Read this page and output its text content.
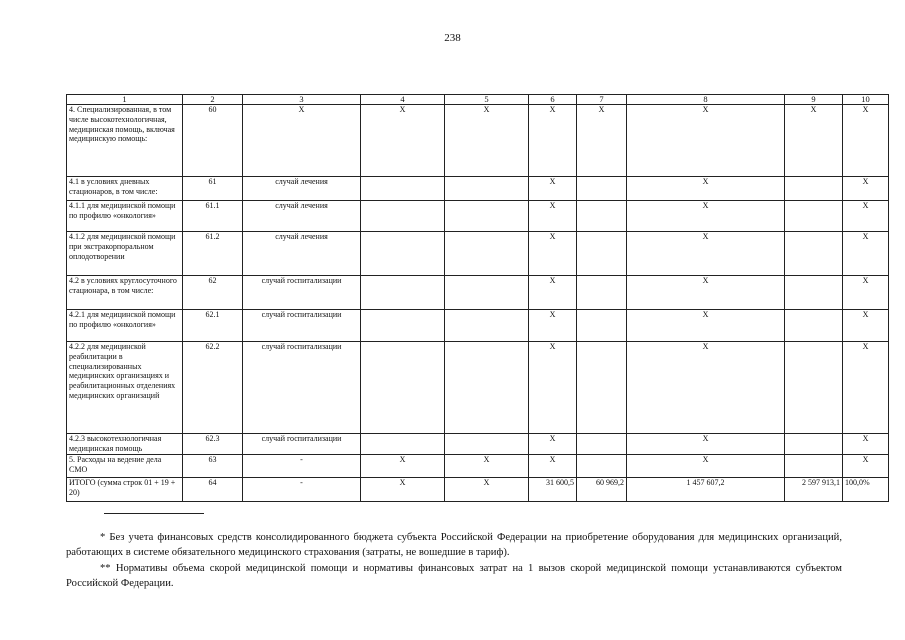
238
1	2	3	4	5	6	7	8	9	10
4. Специализированная, в том числе высокотехнологичная, медицинская помощь, включая медицинскую помощь:	60	Х	Х	Х	Х	Х	Х	Х	Х
4.1 в условиях дневных стационаров, в том числе:	61	случай лечения			Х		Х		Х
4.1.1 для медицинской помощи по профилю «онкология»	61.1	случай лечения			Х		Х		Х
4.1.2 для медицинской помощи при экстракорпоральном оплодотворении	61.2	случай лечения			Х		Х		Х
4.2 в условиях круглосуточного стационара, в том числе:	62	случай госпитализации			Х		Х		Х
4.2.1 для медицинской помощи по профилю «онкология»	62.1	случай госпитализации			Х		Х		Х
4.2.2 для медицинской реабилитации в специализированных медицинских организациях и реабилитационных отделениях медицинских организаций	62.2	случай госпитализации			Х		Х		Х
4.2.3 высокотехнологичная медицинская помощь	62.3	случай госпитализации			Х		Х		Х
5. Расходы на ведение дела СМО	63	-	Х	Х	Х		Х		Х
ИТОГО (сумма строк 01 + 19 + 20)	64	-	Х	Х	31 600,5	60 969,2	1 457 607,2	2 597 913,1	100,0%
* Без учета финансовых средств консолидированного бюджета субъекта Российской Федерации на приобретение оборудования для медицинских организаций, работающих в системе обязательного медицинского страхования (затраты, не вошедшие в тариф).
** Нормативы объема скорой медицинской помощи и нормативы финансовых затрат на 1 вызов скорой медицинской помощи устанавливаются субъектом Российской Федерации.
